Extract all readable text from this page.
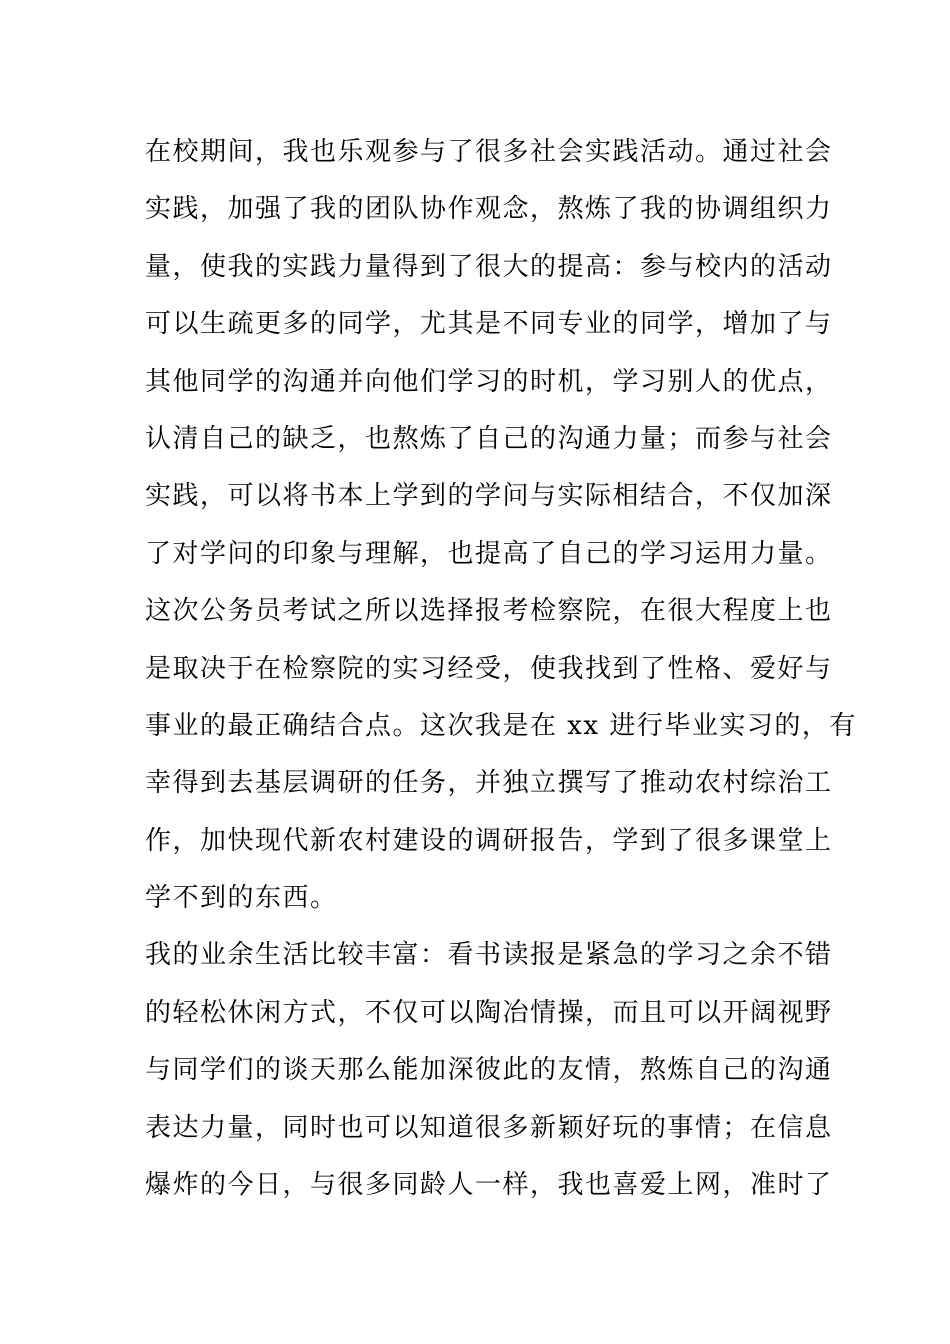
在校期间，我也乐观参与了很多社会实践活动。通过社会
实践，加强了我的团队协作观念，熬炼了我的协调组织力
量，使我的实践力量得到了很大的提高：参与校内的活动
可以生疏更多的同学，尤其是不同专业的同学，增加了与
其他同学的沟通并向他们学习的时机，学习别人的优点，
认清自己的缺乏，也熬炼了自己的沟通力量；而参与社会
实践，可以将书本上学到的学问与实际相结合，不仅加深
了对学问的印象与理解，也提高了自己的学习运用力量。
这次公务员考试之所以选择报考检察院，在很大程度上也
是取决于在检察院的实习经受，使我找到了性格、爱好与
事业的最正确结合点。这次我是在 xx 进行毕业实习的，有
幸得到去基层调研的任务，并独立撰写了推动农村综治工
作，加快现代新农村建设的调研报告，学到了很多课堂上
学不到的东西。
我的业余生活比较丰富：看书读报是紧急的学习之余不错
的轻松休闲方式，不仅可以陶冶情操，而且可以开阔视野
与同学们的谈天那么能加深彼此的友情，熬炼自己的沟通
表达力量，同时也可以知道很多新颖好玩的事情；在信息
爆炸的今日，与很多同龄人一样，我也喜爱上网，准时了
